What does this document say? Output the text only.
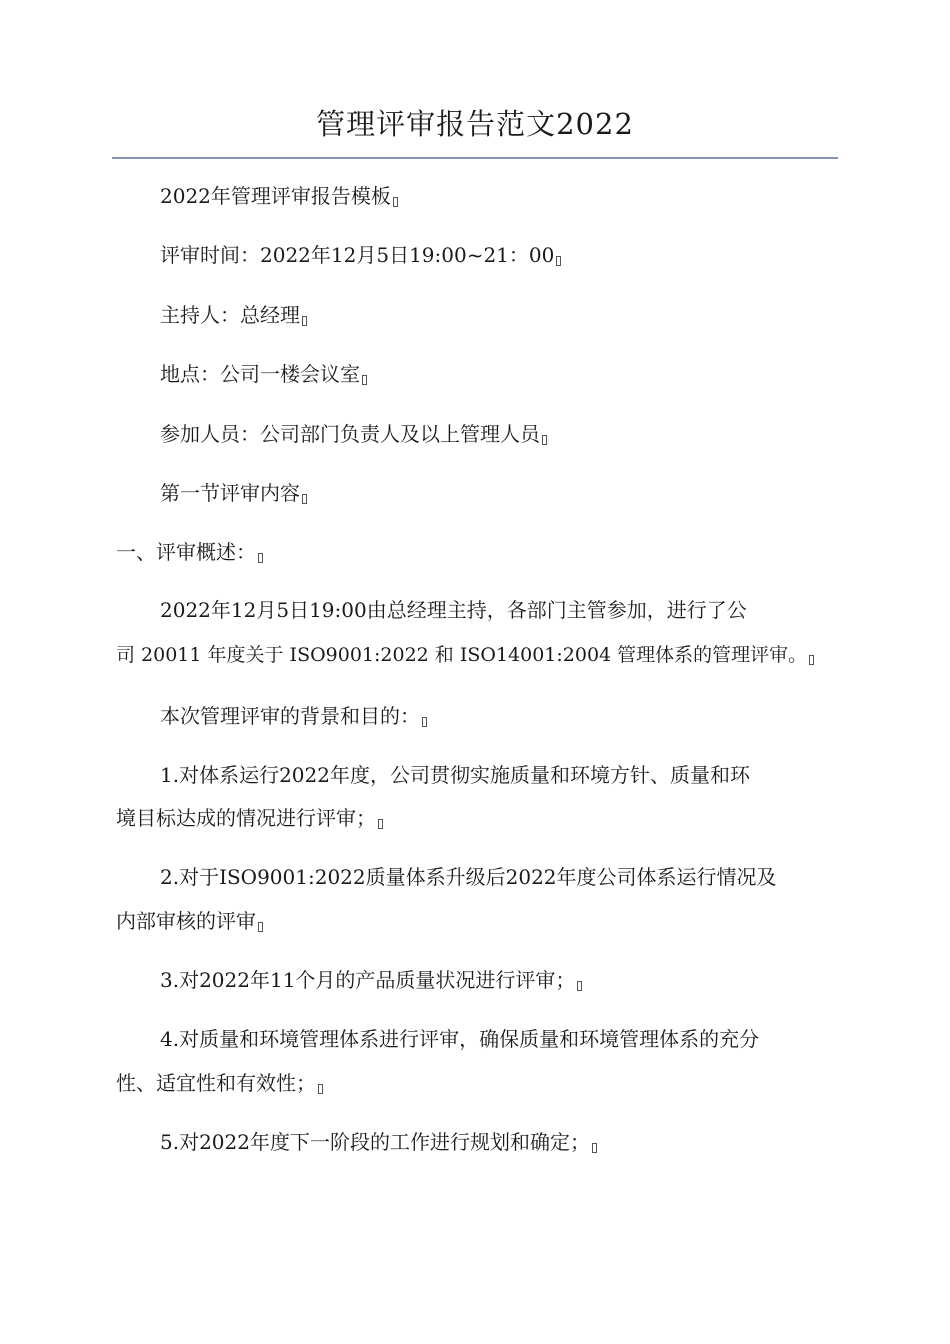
管理评审报告范文2022
2022年管理评审报告模板
评审时间：2022年12月5日19:00~21：00
主持人：总经理
地点：公司一楼会议室
参加人员：公司部门负责人及以上管理人员
第一节评审内容
一、评审概述：
2022年12月5日19:00由总经理主持，各部门主管参加，进行了公
司 20011 年度关于 ISO9001:2022 和 ISO14001:2004 管理体系的管理评审。
本次管理评审的背景和目的：
1.对体系运行2022年度，公司贯彻实施质量和环境方针、质量和环
境目标达成的情况进行评审；
2.对于ISO9001:2022质量体系升级后2022年度公司体系运行情况及
内部审核的评审
3.对2022年11个月的产品质量状况进行评审；
4.对质量和环境管理体系进行评审，确保质量和环境管理体系的充分
性、适宜性和有效性；
5.对2022年度下一阶段的工作进行规划和确定；
